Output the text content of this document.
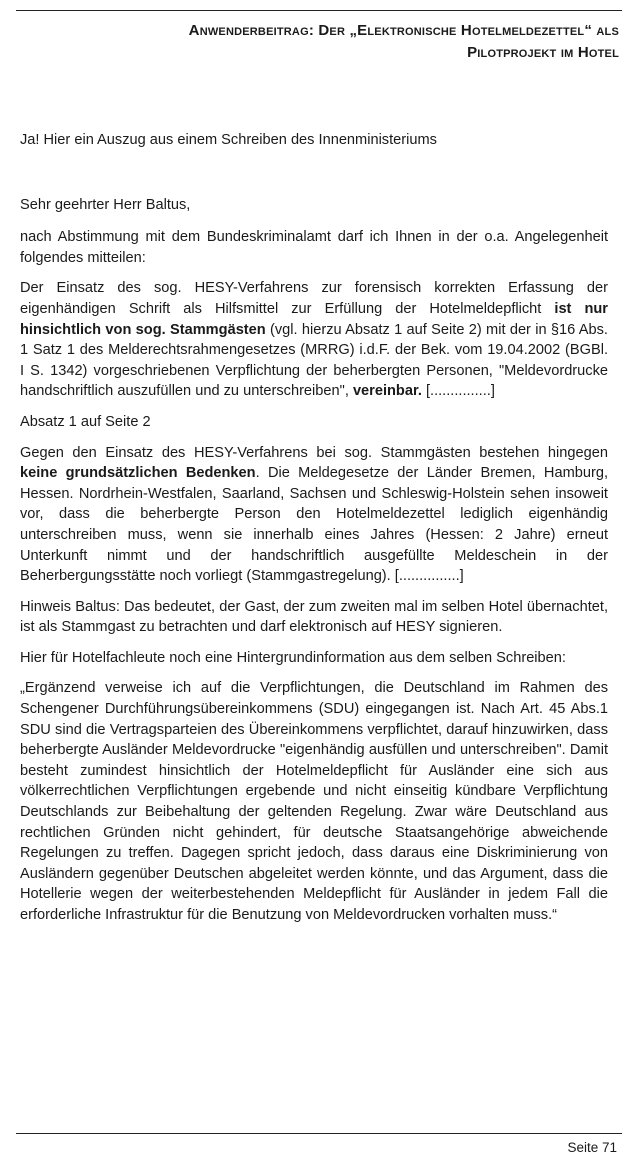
Anwenderbeitrag: Der „Elektronische Hotelmeldezettel“ als
Pilotprojekt im Hotel

Ja! Hier ein Auszug aus einem Schreiben des Innenministeriums

Sehr geehrter Herr Baltus,

nach Abstimmung mit dem Bundeskriminalamt darf ich Ihnen in der o.a. Angelegenheit folgendes mitteilen:

Der Einsatz des sog. HESY-Verfahrens zur forensisch korrekten Erfassung der eigenhändigen Schrift als Hilfsmittel zur Erfüllung der Hotelmeldepflicht ist nur hinsichtlich von sog. Stammgästen (vgl. hierzu Absatz 1 auf Seite 2) mit der in §16 Abs. 1 Satz 1 des Melderechtsrahmengesetzes (MRRG) i.d.F. der Bek. vom 19.04.2002 (BGBl. I S. 1342) vorgeschriebenen Verpflichtung der beherbergten Personen, "Meldevordrucke handschriftlich auszufüllen und zu unterschreiben", vereinbar. [...............]

Absatz 1 auf Seite 2

Gegen den Einsatz des HESY-Verfahrens bei sog. Stammgästen bestehen hingegen keine grundsätzlichen Bedenken. Die Meldegesetze der Länder Bremen, Hamburg, Hessen. Nordrhein-Westfalen, Saarland, Sachsen und Schleswig-Holstein sehen insoweit vor, dass die beherbergte Person den Hotelmeldezettel lediglich eigenhändig unterschreiben muss, wenn sie innerhalb eines Jahres (Hessen: 2 Jahre) erneut Unterkunft nimmt und der handschriftlich ausgefüllte Meldeschein in der Beherbergungsstätte noch vorliegt (Stammgastregelung). [...............]

Hinweis Baltus: Das bedeutet, der Gast, der zum zweiten mal im selben Hotel übernachtet, ist als Stammgast zu betrachten und darf elektronisch auf HESY signieren.

Hier für Hotelfachleute noch eine Hintergrundinformation aus dem selben Schreiben:

„Ergänzend verweise ich auf die Verpflichtungen, die Deutschland im Rahmen des Schengener Durchführungsübereinkommens (SDU) eingegangen ist. Nach Art. 45 Abs.1 SDU sind die Vertragsparteien des Übereinkommens verpflichtet, darauf hinzuwirken, dass beherbergte Ausländer Meldevordrucke "eigenhändig ausfüllen und unterschreiben". Damit besteht zumindest hinsichtlich der Hotelmeldepflicht für Ausländer eine sich aus völkerrechtlichen Verpflichtungen ergebende und nicht einseitig kündbare Verpflichtung Deutschlands zur Beibehaltung der geltenden Regelung. Zwar wäre Deutschland aus rechtlichen Gründen nicht gehindert, für deutsche Staatsangehörige abweichende Regelungen zu treffen. Dagegen spricht jedoch, dass daraus eine Diskriminierung von Ausländern gegenüber Deutschen abgeleitet werden könnte, und das Argument, dass die Hotellerie wegen der weiterbestehenden Meldepflicht für Ausländer in jedem Fall die erforderliche Infrastruktur für die Benutzung von Meldevordrucken vorhalten muss.“

Seite 71
